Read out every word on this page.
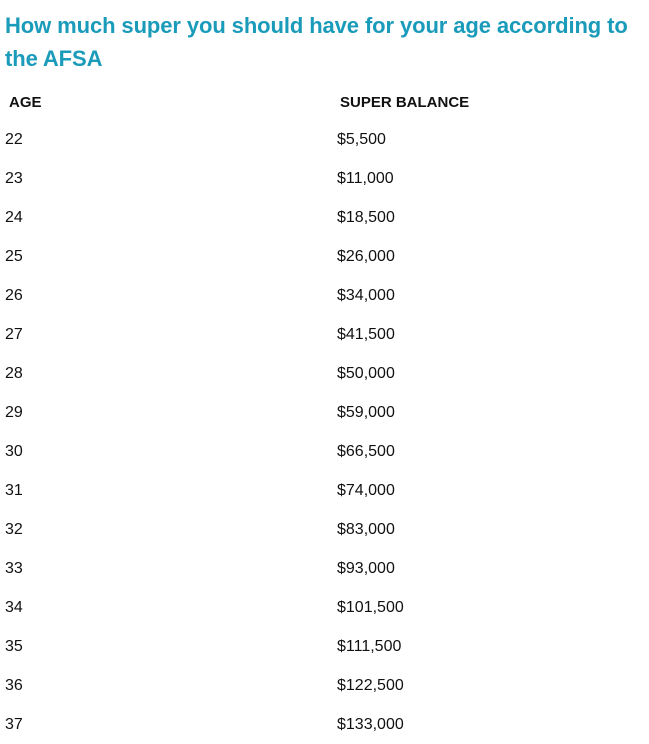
How much super you should have for your age according to the AFSA
AGE	SUPER BALANCE
22	$5,500
23	$11,000
24	$18,500
25	$26,000
26	$34,000
27	$41,500
28	$50,000
29	$59,000
30	$66,500
31	$74,000
32	$83,000
33	$93,000
34	$101,500
35	$111,500
36	$122,500
37	$133,000
